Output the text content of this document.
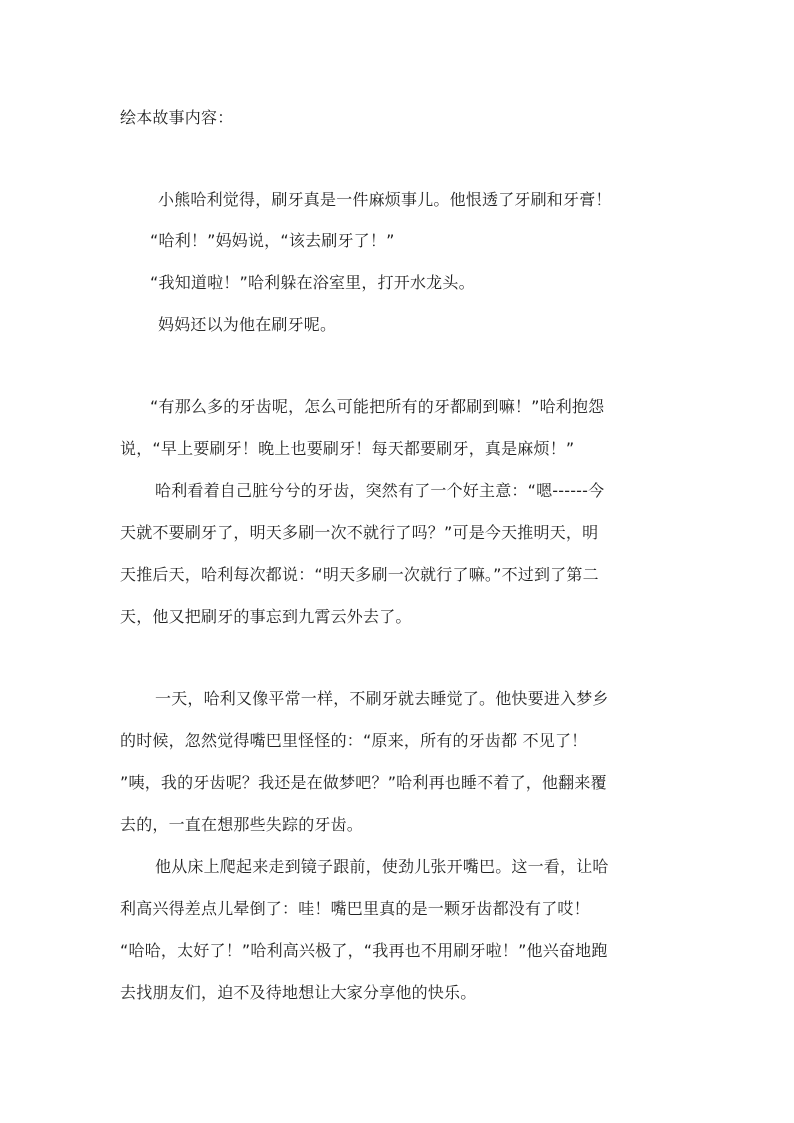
绘本故事内容：
小熊哈利觉得，刷牙真是一件麻烦事儿。他恨透了牙刷和牙膏！
“哈利！”妈妈说，“该去刷牙了！”
“我知道啦！”哈利躲在浴室里，打开水龙头。
妈妈还以为他在刷牙呢。
“有那么多的牙齿呢，怎么可能把所有的牙都刷到嘛！”哈利抱怨
说，“早上要刷牙！晚上也要刷牙！每天都要刷牙，真是麻烦！”
哈利看着自己脏兮兮的牙齿，突然有了一个好主意：“嗯------今
天就不要刷牙了，明天多刷一次不就行了吗？”可是今天推明天，明
天推后天，哈利每次都说：“明天多刷一次就行了嘛。”不过到了第二
天，他又把刷牙的事忘到九霄云外去了。
一天，哈利又像平常一样，不刷牙就去睡觉了。他快要进入梦乡
的时候，忽然觉得嘴巴里怪怪的：“原来，所有的牙齿都 不见了！
”咦，我的牙齿呢？我还是在做梦吧？”哈利再也睡不着了，他翻来覆
去的，一直在想那些失踪的牙齿。
他从床上爬起来走到镜子跟前，使劲儿张开嘴巴。这一看，让哈
利高兴得差点儿晕倒了：哇！嘴巴里真的是一颗牙齿都没有了哎！
“哈哈，太好了！”哈利高兴极了，“我再也不用刷牙啦！”他兴奋地跑
去找朋友们，迫不及待地想让大家分享他的快乐。
